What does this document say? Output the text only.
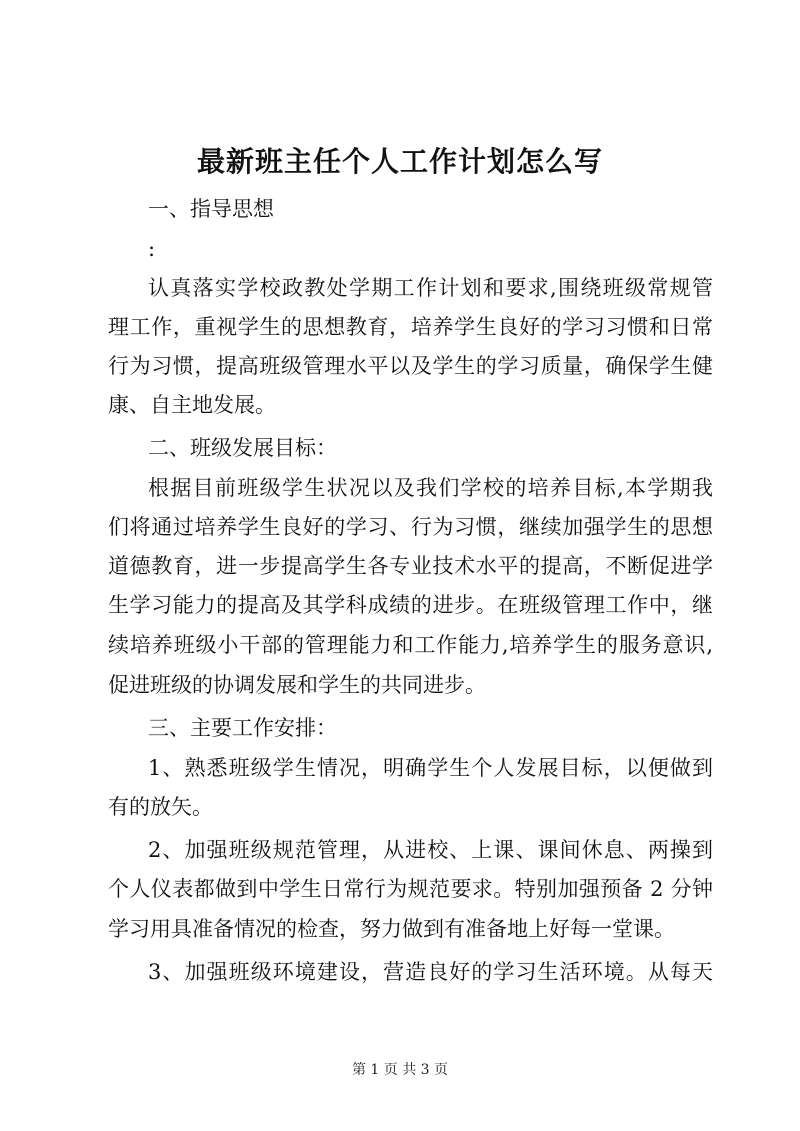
最新班主任个人工作计划怎么写
一、指导思想
:
认真落实学校政教处学期工作计划和要求,围绕班级常规管
理工作，重视学生的思想教育，培养学生良好的学习习惯和日常
行为习惯，提高班级管理水平以及学生的学习质量，确保学生健
康、自主地发展。
二、班级发展目标：
根据目前班级学生状况以及我们学校的培养目标,本学期我
们将通过培养学生良好的学习、行为习惯，继续加强学生的思想
道德教育，进一步提高学生各专业技术水平的提高，不断促进学
生学习能力的提高及其学科成绩的进步。在班级管理工作中，继
续培养班级小干部的管理能力和工作能力,培养学生的服务意识,
促进班级的协调发展和学生的共同进步。
三、主要工作安排：
1、熟悉班级学生情况，明确学生个人发展目标，以便做到
有的放矢。
2、加强班级规范管理，从进校、上课、课间休息、两操到
个人仪表都做到中学生日常行为规范要求。特别加强预备 2 分钟
学习用具准备情况的检查，努力做到有准备地上好每一堂课。
3、加强班级环境建设，营造良好的学习生活环境。从每天
第 1 页 共 3 页
